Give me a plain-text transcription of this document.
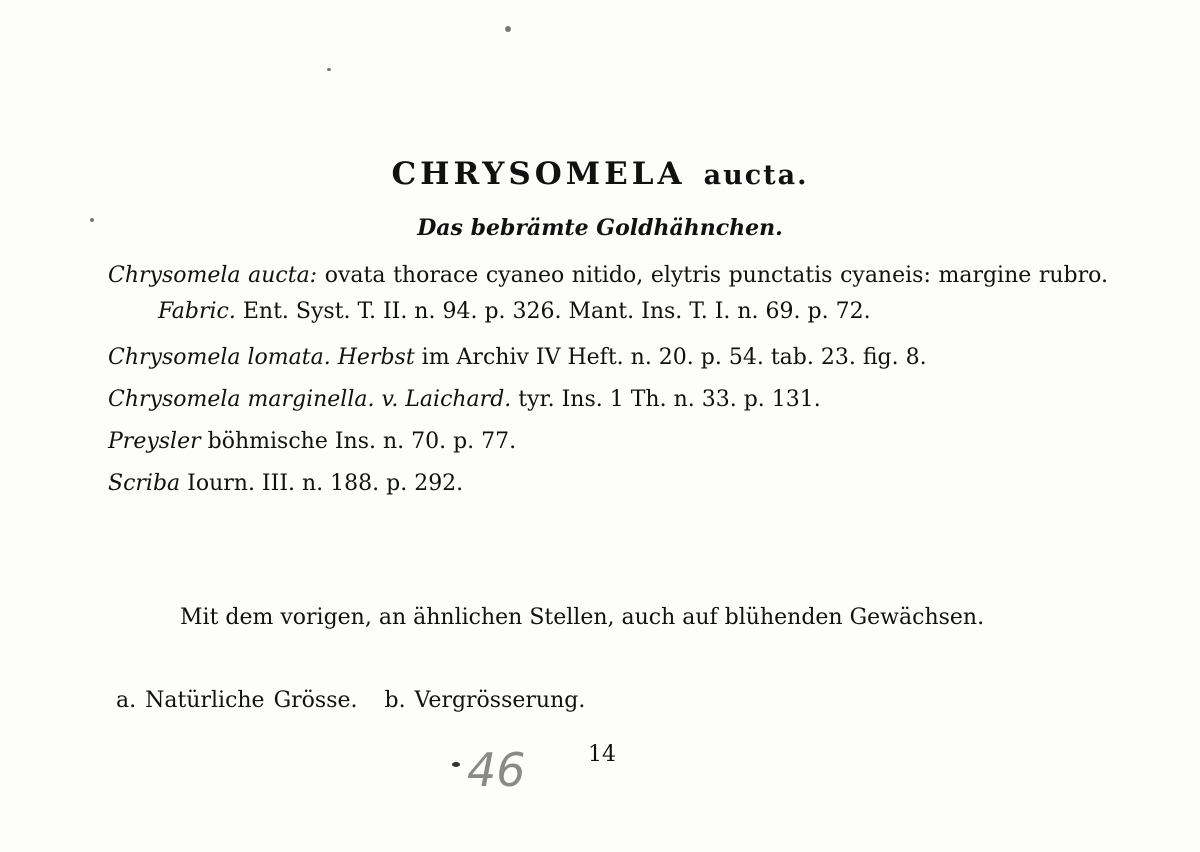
CHRYSOMELA aucta.

Das bebrämte Goldhähnchen.

Chrysomela aucta: ovata thorace cyaneo nitido, elytris punctatis cyaneis: margine rubro. Fabric. Ent. Syst. T. II. n. 94. p. 326. Mant. Ins. T. I. n. 69. p. 72.

Chrysomela lomata. Herbst im Archiv IV Heft. n. 20. p. 54. tab. 23. fig. 8.

Chrysomela marginella. v. Laichard. tyr. Ins. 1 Th. n. 33. p. 131.

Preysler böhmische Ins. n. 70. p. 77.

Scriba Iourn. III. n. 188. p. 292.

Mit dem vorigen, an ähnlichen Stellen, auch auf blühenden Gewächsen.

a. Natürliche Grösse. b. Vergrösserung.

46	14
